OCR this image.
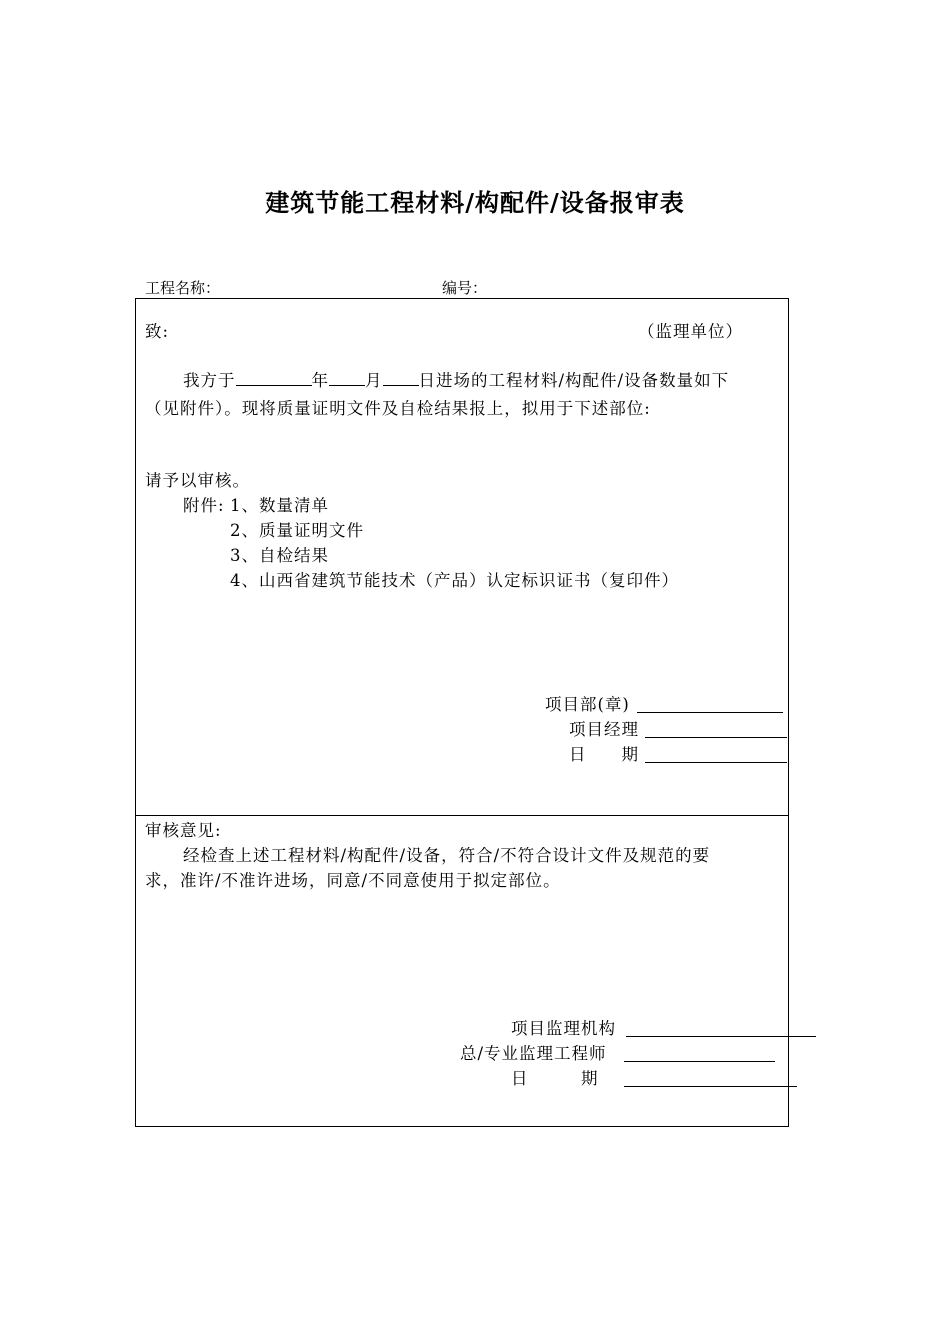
建筑节能工程材料/构配件/设备报审表
工程名称：	编号：
致:	（监理单位）
我方于	年 月 日进场的工程材料/构配件/设备数量如下
（见附件）。现将质量证明文件及自检结果报上，拟用于下述部位:
请予以审核。
附件: 1、数量清单
2、质量证明文件
3、自检结果
4、山西省建筑节能技术（产品）认定标识证书（复印件）
项目部(章)
项目经理
日　　期
审核意见:
经检查上述工程材料/构配件/设备，符合/不符合设计文件及规范的要
求，准许/不准许进场，同意/不同意使用于拟定部位。
项目监理机构
总/专业监理工程师
日　　　期
